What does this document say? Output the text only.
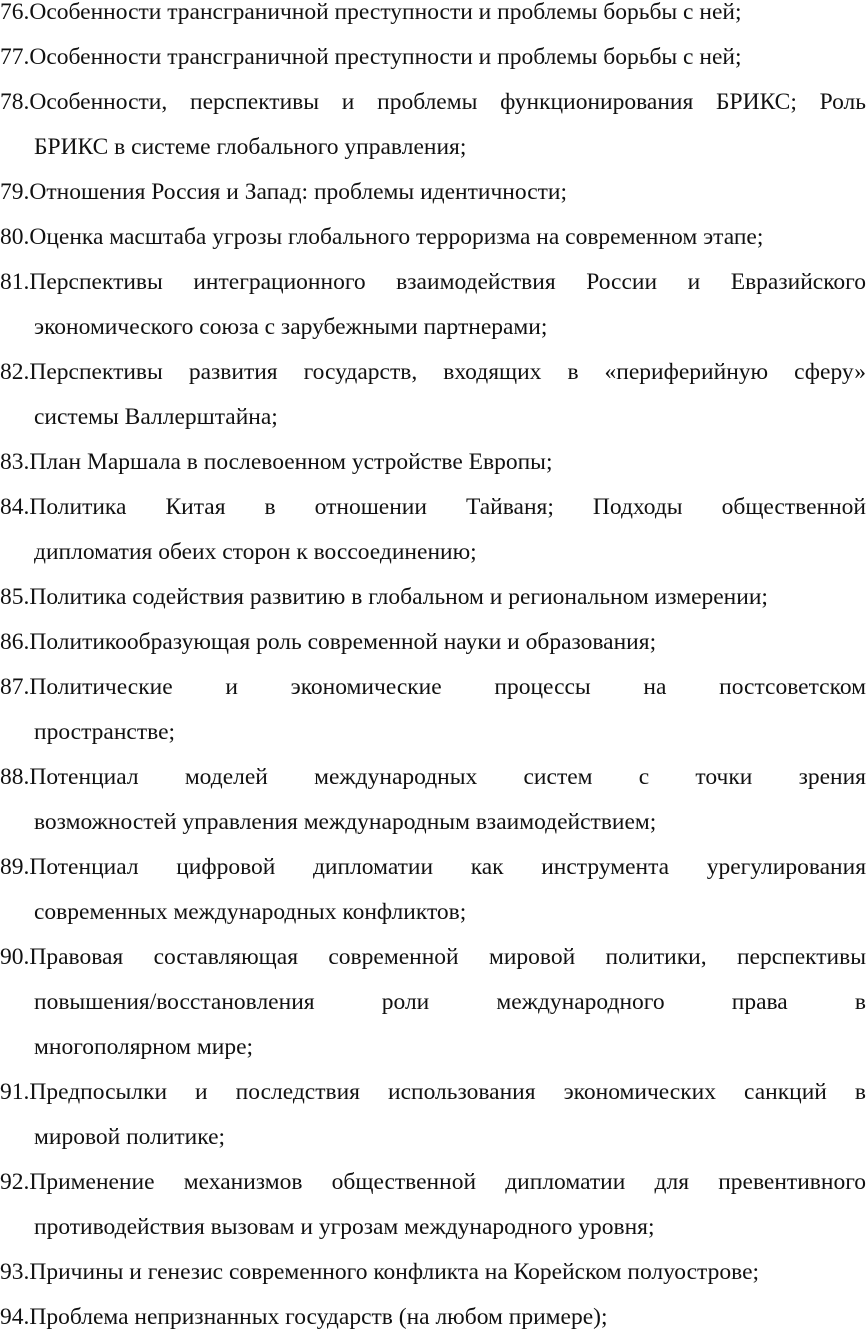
76.Особенности трансграничной преступности и проблемы борьбы с ней;
77.Особенности трансграничной преступности и проблемы борьбы с ней;
78.Особенности, перспективы и проблемы функционирования БРИКС; Роль
БРИКС в системе глобального управления;
79.Отношения Россия и Запад: проблемы идентичности;
80.Оценка масштаба угрозы глобального терроризма на современном этапе;
81.Перспективы интеграционного взаимодействия России и Евразийского
экономического союза с зарубежными партнерами;
82.Перспективы развития государств, входящих в «периферийную сферу»
системы Валлерштайна;
83.План Маршала в послевоенном устройстве Европы;
84.Политика Китая в отношении Тайваня; Подходы общественной
дипломатия обеих сторон к воссоединению;
85.Политика содействия развитию в глобальном и региональном измерении;
86.Политикообразующая роль современной науки и образования;
87.Политические и экономические процессы на постсоветском
пространстве;
88.Потенциал моделей международных систем с точки зрения
возможностей управления международным взаимодействием;
89.Потенциал цифровой дипломатии как инструмента урегулирования
современных международных конфликтов;
90.Правовая составляющая современной мировой политики, перспективы
повышения/восстановления роли международного права в
многополярном мире;
91.Предпосылки и последствия использования экономических санкций в
мировой политике;
92.Применение механизмов общественной дипломатии для превентивного
противодействия вызовам и угрозам международного уровня;
93.Причины и генезис современного конфликта на Корейском полуострове;
94.Проблема непризнанных государств (на любом примере);
